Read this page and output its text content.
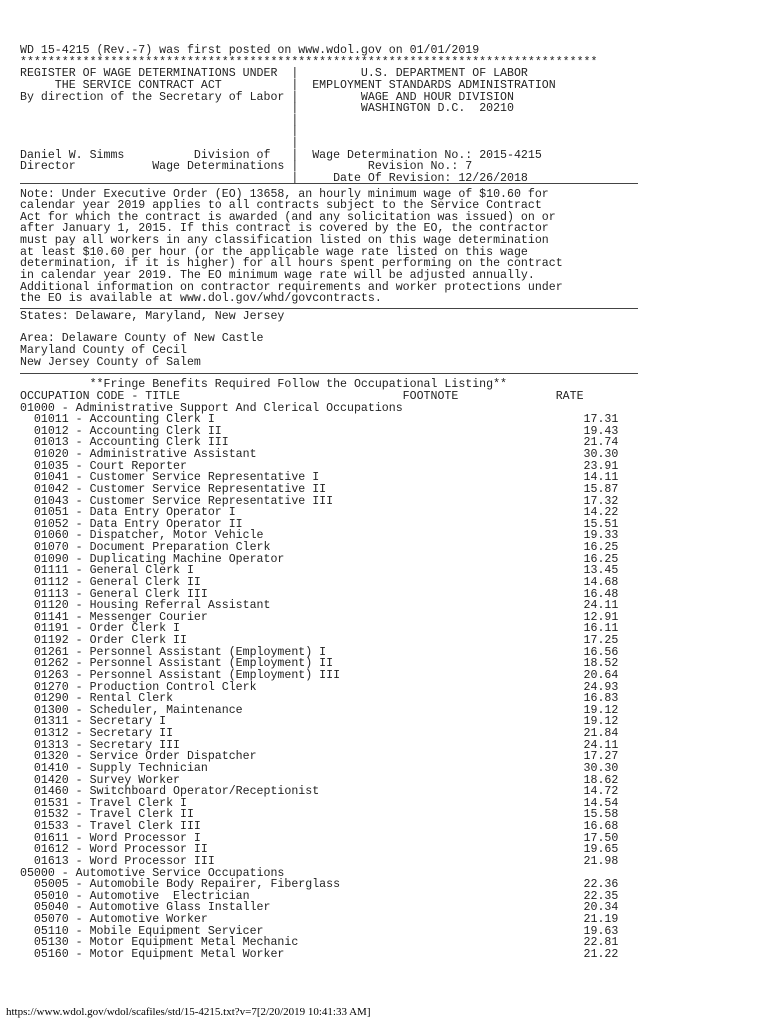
WD 15-4215 (Rev.-7) was first posted on www.wdol.gov on 01/01/2019
***********************************************************************************
REGISTER OF WAGE DETERMINATIONS UNDER  |         U.S. DEPARTMENT OF LABOR
THE SERVICE CONTRACT ACT          |  EMPLOYMENT STANDARDS ADMINISTRATION
By direction of the Secretary of Labor |         WAGE AND HOUR DIVISION
|         WASHINGTON D.C.  20210
|
|
|
Daniel W. Simms          Division of   |  Wage Determination No.: 2015-4215
Director           Wage Determinations |          Revision No.: 7
|     Date Of Revision: 12/26/2018

Note: Under Executive Order (EO) 13658, an hourly minimum wage of $10.60 for
calendar year 2019 applies to all contracts subject to the Service Contract
Act for which the contract is awarded (and any solicitation was issued) on or
after January 1, 2015. If this contract is covered by the EO, the contractor
must pay all workers in any classification listed on this wage determination
at least $10.60 per hour (or the applicable wage rate listed on this wage
determination, if it is higher) for all hours spent performing on the contract
in calendar year 2019. The EO minimum wage rate will be adjusted annually.
Additional information on contractor requirements and worker protections under
the EO is available at www.dol.gov/whd/govcontracts.

States: Delaware, Maryland, New Jersey

Area: Delaware County of New Castle
Maryland County of Cecil
New Jersey County of Salem

**Fringe Benefits Required Follow the Occupational Listing**
OCCUPATION CODE - TITLE                                FOOTNOTE              RATE
01000 - Administrative Support And Clerical Occupations
01011 - Accounting Clerk I                                                     17.31
01012 - Accounting Clerk II                                                    19.43
01013 - Accounting Clerk III                                                   21.74
01020 - Administrative Assistant                                               30.30
01035 - Court Reporter                                                         23.91
01041 - Customer Service Representative I                                      14.11
01042 - Customer Service Representative II                                     15.87
01043 - Customer Service Representative III                                    17.32
01051 - Data Entry Operator I                                                  14.22
01052 - Data Entry Operator II                                                 15.51
01060 - Dispatcher, Motor Vehicle                                              19.33
01070 - Document Preparation Clerk                                             16.25
01090 - Duplicating Machine Operator                                           16.25
01111 - General Clerk I                                                        13.45
01112 - General Clerk II                                                       14.68
01113 - General Clerk III                                                      16.48
01120 - Housing Referral Assistant                                             24.11
01141 - Messenger Courier                                                      12.91
01191 - Order Clerk I                                                          16.11
01192 - Order Clerk II                                                         17.25
01261 - Personnel Assistant (Employment) I                                     16.56
01262 - Personnel Assistant (Employment) II                                    18.52
01263 - Personnel Assistant (Employment) III                                   20.64
01270 - Production Control Clerk                                               24.93
01290 - Rental Clerk                                                           16.83
01300 - Scheduler, Maintenance                                                 19.12
01311 - Secretary I                                                            19.12
01312 - Secretary II                                                           21.84
01313 - Secretary III                                                          24.11
01320 - Service Order Dispatcher                                               17.27
01410 - Supply Technician                                                      30.30
01420 - Survey Worker                                                          18.62
01460 - Switchboard Operator/Receptionist                                      14.72
01531 - Travel Clerk I                                                         14.54
01532 - Travel Clerk II                                                        15.58
01533 - Travel Clerk III                                                       16.68
01611 - Word Processor I                                                       17.50
01612 - Word Processor II                                                      19.65
01613 - Word Processor III                                                     21.98
05000 - Automotive Service Occupations
05005 - Automobile Body Repairer, Fiberglass                                   22.36
05010 - Automotive  Electrician                                                22.35
05040 - Automotive Glass Installer                                             20.34
05070 - Automotive Worker                                                      21.19
05110 - Mobile Equipment Servicer                                              19.63
05130 - Motor Equipment Metal Mechanic                                         22.81
05160 - Motor Equipment Metal Worker                                           21.22

https://www.wdol.gov/wdol/scafiles/std/15-4215.txt?v=7[2/20/2019 10:41:33 AM]
